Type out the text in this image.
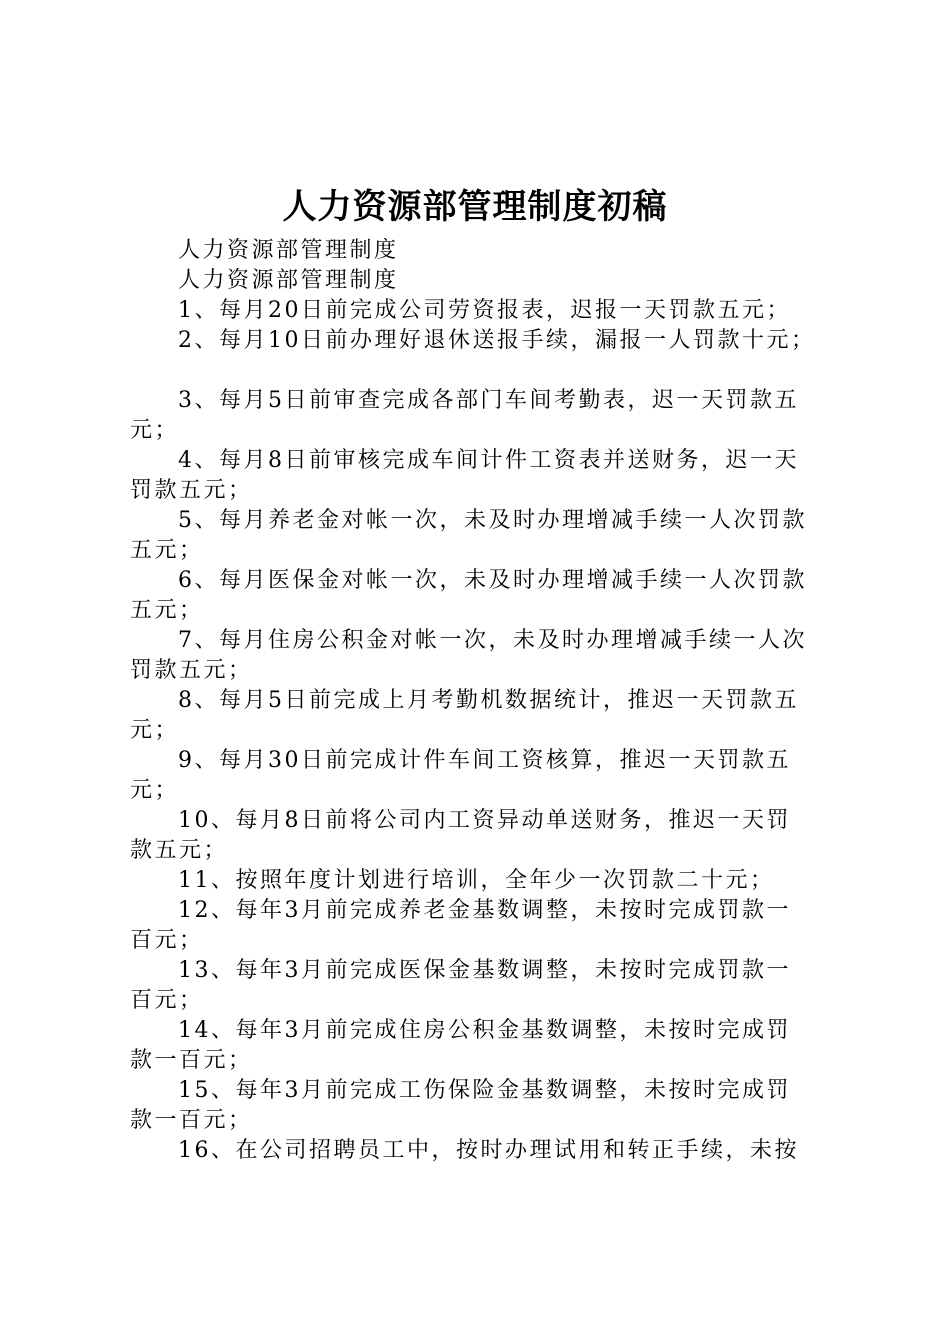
人力资源部管理制度初稿

人力资源部管理制度

人力资源部管理制度

1、每月20日前完成公司劳资报表，迟报一天罚款五元；

2、每月10日前办理好退休送报手续，漏报一人罚款十元；

3、每月5日前审查完成各部门车间考勤表，迟一天罚款五

元；

4、每月8日前审核完成车间计件工资表并送财务，迟一天

罚款五元；

5、每月养老金对帐一次，未及时办理增减手续一人次罚款

五元；

6、每月医保金对帐一次，未及时办理增减手续一人次罚款

五元；

7、每月住房公积金对帐一次，未及时办理增减手续一人次

罚款五元；

8、每月5日前完成上月考勤机数据统计，推迟一天罚款五

元；

9、每月30日前完成计件车间工资核算，推迟一天罚款五

元；

10、每月8日前将公司内工资异动单送财务，推迟一天罚

款五元；

11、按照年度计划进行培训，全年少一次罚款二十元；

12、每年3月前完成养老金基数调整，未按时完成罚款一

百元；

13、每年3月前完成医保金基数调整，未按时完成罚款一

百元；

14、每年3月前完成住房公积金基数调整，未按时完成罚

款一百元；

15、每年3月前完成工伤保险金基数调整，未按时完成罚

款一百元；

16、在公司招聘员工中，按时办理试用和转正手续，未按
